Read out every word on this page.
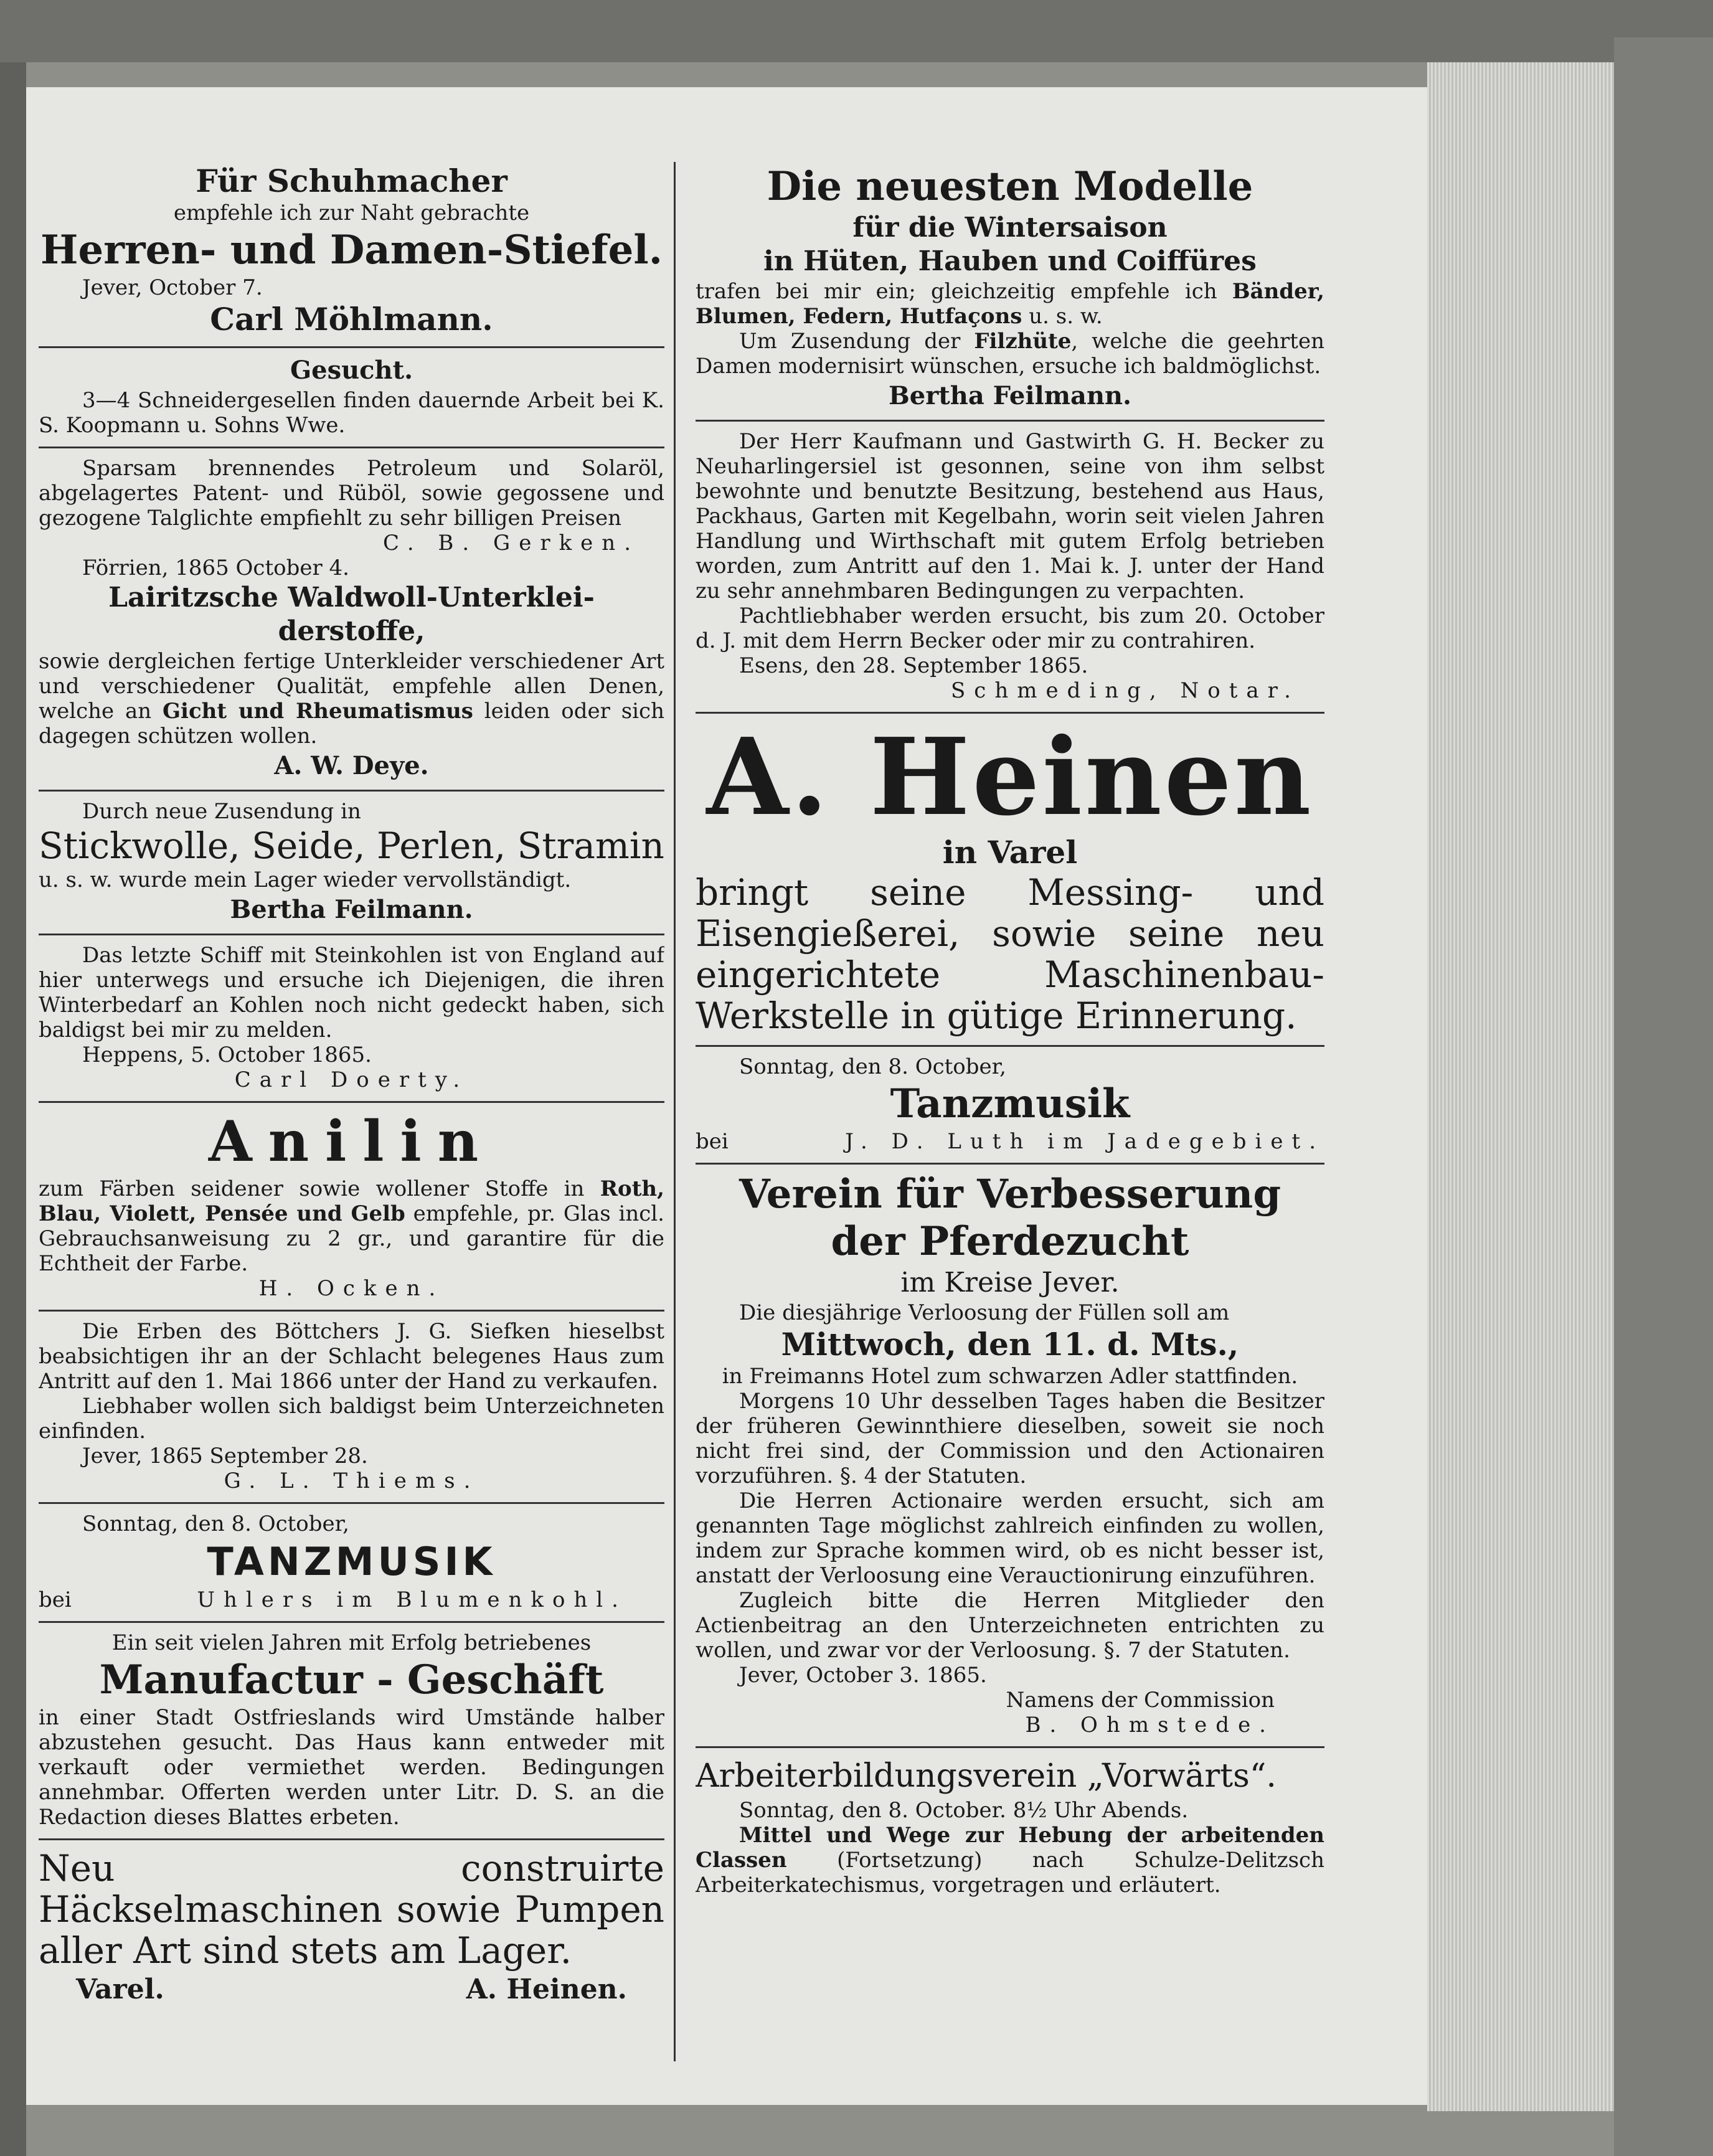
Für Schuhmacher

empfehle ich zur Naht gebrachte

Herren- und Damen-Stiefel.

Jever, October 7.

Carl Möhlmann.

Gesucht.

3—4 Schneidergesellen finden dauernde Arbeit bei K. S. Koopmann u. Sohns Wwe.

Sparsam brennendes Petroleum und Solaröl, abgelagertes Patent- und Rüböl, sowie gegossene und gezogene Talglichte empfiehlt zu sehr billigen Preisen

C. B. Gerken.

Förrien, 1865 October 4.

Lairitzsche Waldwoll-Unterklei-

derstoffe,

sowie dergleichen fertige Unterkleider verschiedener Art und verschiedener Qualität, empfehle allen Denen, welche an Gicht und Rheumatismus leiden oder sich dagegen schützen wollen.

A. W. Deye.

Durch neue Zusendung in

Stickwolle, Seide, Perlen, Stramin

u. s. w. wurde mein Lager wieder vervollständigt.

Bertha Feilmann.

Das letzte Schiff mit Steinkohlen ist von England auf hier unterwegs und ersuche ich Diejenigen, die ihren Winterbedarf an Kohlen noch nicht gedeckt haben, sich baldigst bei mir zu melden.

Heppens, 5. October 1865.

Carl Doerty.

Anilin

zum Färben seidener sowie wollener Stoffe in Roth, Blau, Violett, Pensée und Gelb empfehle, pr. Glas incl. Gebrauchsanweisung zu 2 gr., und garantire für die Echtheit der Farbe.

H. Ocken.

Die Erben des Böttchers J. G. Siefken hieselbst beabsichtigen ihr an der Schlacht belegenes Haus zum Antritt auf den 1. Mai 1866 unter der Hand zu verkaufen.

Liebhaber wollen sich baldigst beim Unterzeichneten einfinden.

Jever, 1865 September 28.

G. L. Thiems.

Sonntag, den 8. October,

TANZMUSIK

bei	Uhlers im Blumenkohl.

Ein seit vielen Jahren mit Erfolg betriebenes

Manufactur - Geschäft

in einer Stadt Ostfrieslands wird Umstände halber abzustehen gesucht. Das Haus kann entweder mit verkauft oder vermiethet werden. Bedingungen annehmbar. Offerten werden unter Litr. D. S. an die Redaction dieses Blattes erbeten.

Neu construirte Häckselmaschinen sowie Pumpen aller Art sind stets am Lager.

Varel.	A. Heinen.

Die neuesten Modelle

für die Wintersaison

in Hüten, Hauben und Coiffüres

trafen bei mir ein; gleichzeitig empfehle ich Bänder, Blumen, Federn, Hutfaçons u. s. w.

Um Zusendung der Filzhüte, welche die geehrten Damen modernisirt wünschen, ersuche ich baldmöglichst.

Bertha Feilmann.

Der Herr Kaufmann und Gastwirth G. H. Becker zu Neuharlingersiel ist gesonnen, seine von ihm selbst bewohnte und benutzte Besitzung, bestehend aus Haus, Packhaus, Garten mit Kegelbahn, worin seit vielen Jahren Handlung und Wirthschaft mit gutem Erfolg betrieben worden, zum Antritt auf den 1. Mai k. J. unter der Hand zu sehr annehmbaren Bedingungen zu verpachten.

Pachtliebhaber werden ersucht, bis zum 20. October d. J. mit dem Herrn Becker oder mir zu contrahiren.

Esens, den 28. September 1865.

Schmeding, Notar.

A. Heinen

in Varel

bringt seine Messing- und Eisengießerei, sowie seine neu eingerichtete Maschinenbau-Werkstelle in gütige Erinnerung.

Sonntag, den 8. October,

Tanzmusik

bei	J. D. Luth im Jadegebiet.

Verein für Verbesserung

der Pferdezucht

im Kreise Jever.

Die diesjährige Verloosung der Füllen soll am

Mittwoch, den 11. d. Mts.,

in Freimanns Hotel zum schwarzen Adler stattfinden.

Morgens 10 Uhr desselben Tages haben die Besitzer der früheren Gewinnthiere dieselben, soweit sie noch nicht frei sind, der Commission und den Actionairen vorzuführen. §. 4 der Statuten.

Die Herren Actionaire werden ersucht, sich am genannten Tage möglichst zahlreich einfinden zu wollen, indem zur Sprache kommen wird, ob es nicht besser ist, anstatt der Verloosung eine Verauctionirung einzuführen.

Zugleich bitte die Herren Mitglieder den Actienbeitrag an den Unterzeichneten entrichten zu wollen, und zwar vor der Verloosung. §. 7 der Statuten.

Jever, October 3. 1865.

Namens der Commission

B. Ohmstede.

Arbeiterbildungsverein „Vorwärts“.

Sonntag, den 8. October. 8½ Uhr Abends.

Mittel und Wege zur Hebung der arbeitenden Classen (Fortsetzung) nach Schulze-Delitzsch Arbeiterkatechismus, vorgetragen und erläutert.
